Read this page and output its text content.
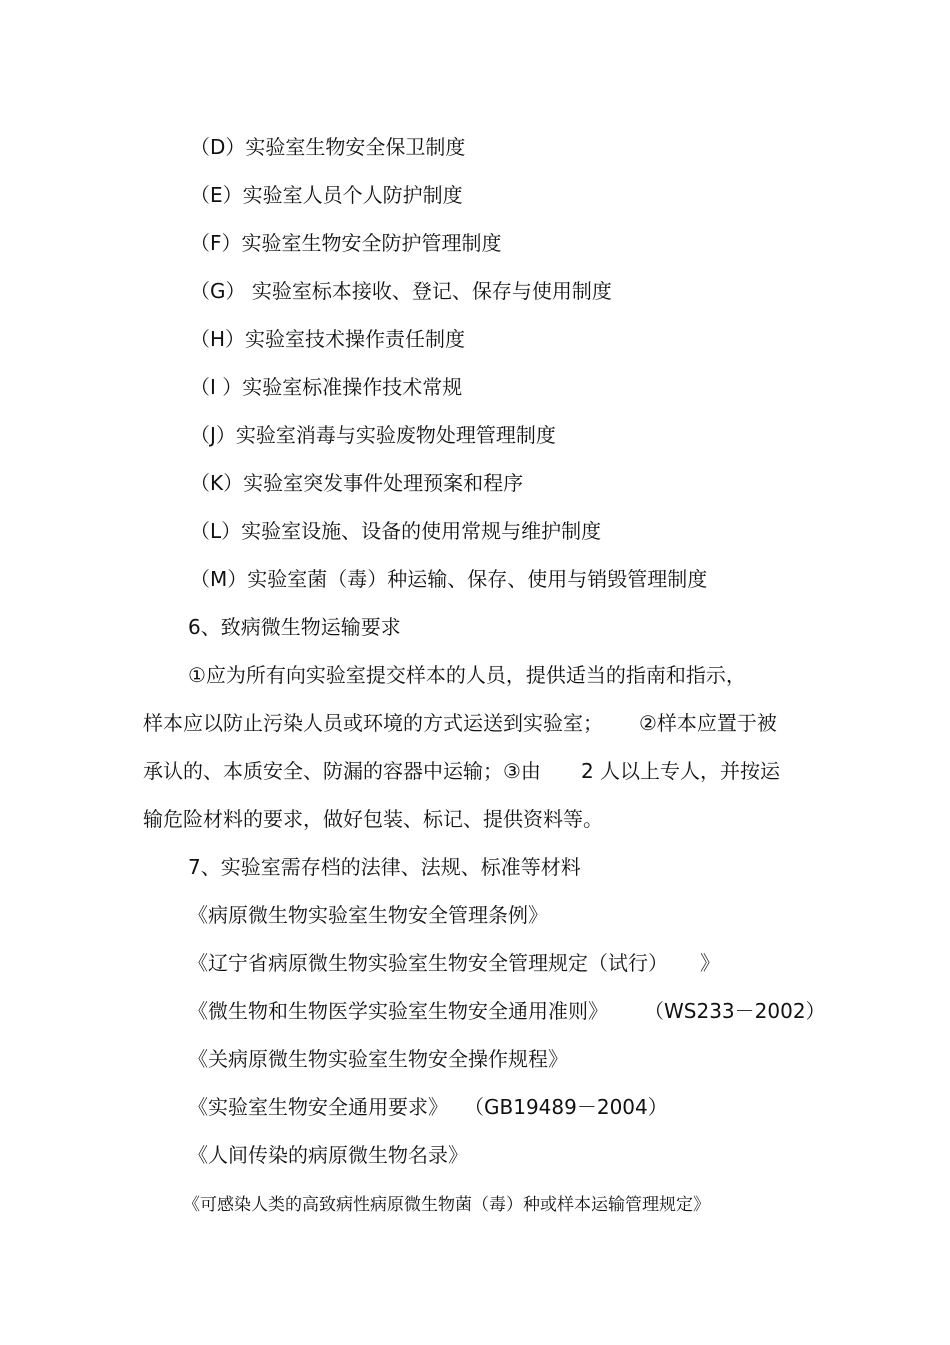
（D）实验室生物安全保卫制度
（E）实验室人员个人防护制度
（F）实验室生物安全防护管理制度
（G） 实验室标本接收、登记、保存与使用制度
（H）实验室技术操作责任制度
（I ）实验室标准操作技术常规
（J）实验室消毒与实验废物处理管理制度
（K）实验室突发事件处理预案和程序
（L）实验室设施、设备的使用常规与维护制度
（M）实验室菌（毒）种运输、保存、使用与销毁管理制度
6、致病微生物运输要求
①应为所有向实验室提交样本的人员，提供适当的指南和指示，
样本应以防止污染人员或环境的方式运送到实验室； ②样本应置于被
承认的、本质安全、防漏的容器中运输；③由 2 人以上专人，并按运
输危险材料的要求，做好包装、标记、提供资料等。
7、实验室需存档的法律、法规、标准等材料
《病原微生物实验室生物安全管理条例》
《辽宁省病原微生物实验室生物安全管理规定（试行） 》
《微生物和生物医学实验室生物安全通用准则》 （WS233－2002）
《关病原微生物实验室生物安全操作规程》
《实验室生物安全通用要求》 （GB19489－2004）
《人间传染的病原微生物名录》
《可感染人类的高致病性病原微生物菌（毒）种或样本运输管理规定》
